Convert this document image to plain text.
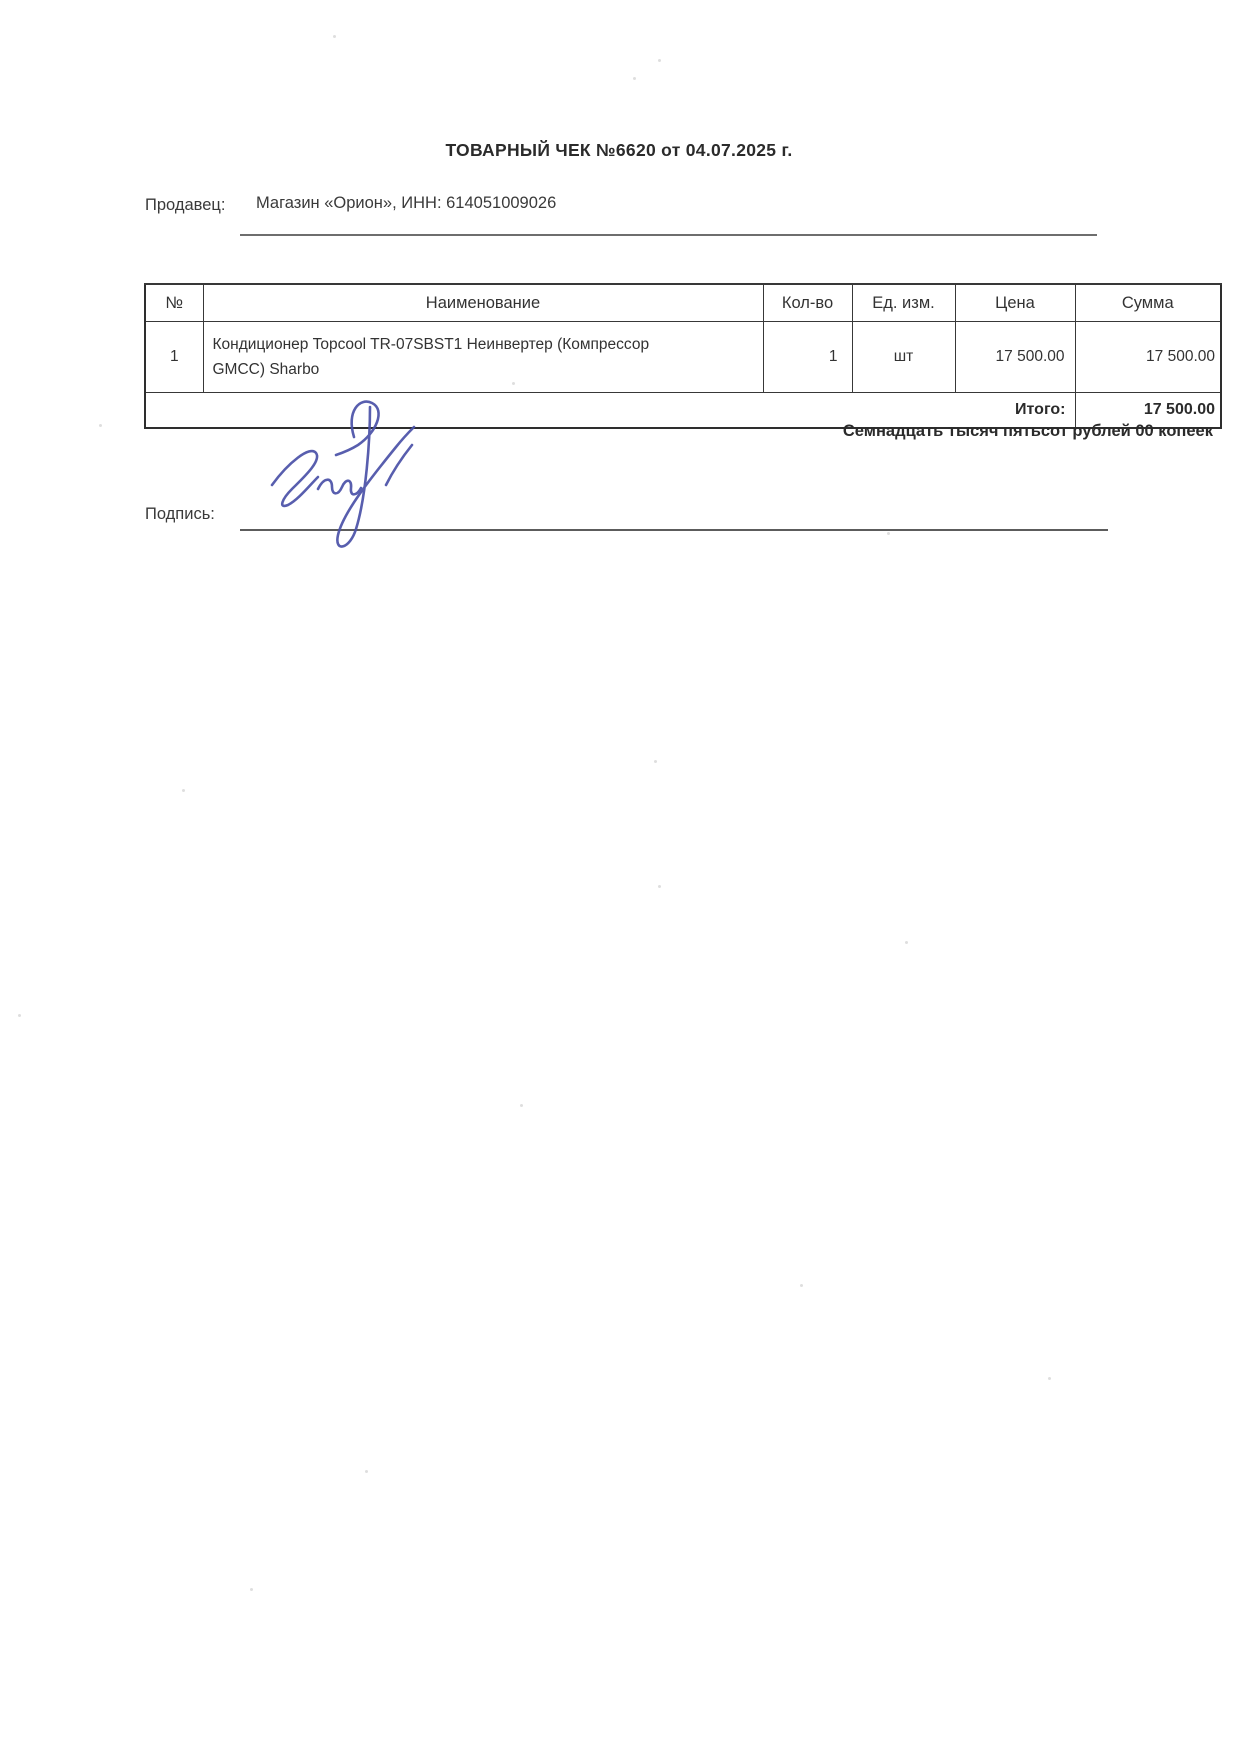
ТОВАРНЫЙ ЧЕК №6620 от 04.07.2025 г.
Продавец: Магазин «Орион», ИНН: 614051009026
№	Наименование	Кол-во	Ед. изм.	Цена	Сумма
1	Кондиционер Topcool TR-07SBST1 Неинвертер (Компрессор GMCC) Sharbo	1	шт	17 500.00	17 500.00
Итого:					17 500.00
Семнадцать тысяч пятьсот рублей 00 копеек
Подпись:
